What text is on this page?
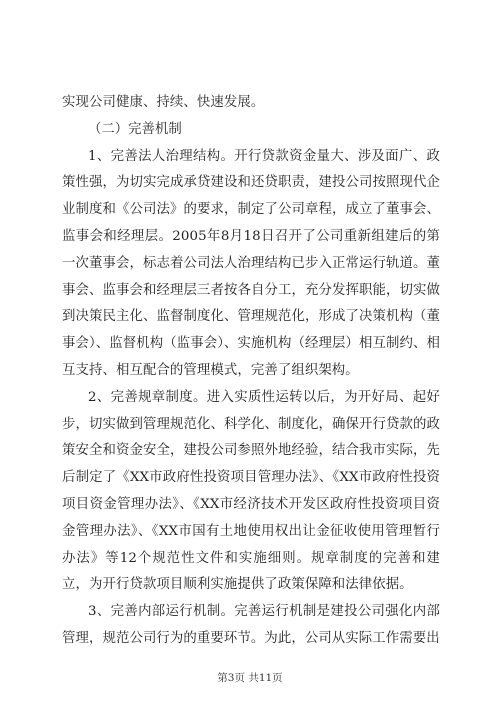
实现公司健康、持续、快速发展。

（二）完善机制

1、完善法人治理结构。开行贷款资金量大、涉及面广、政策性强，为切实完成承贷建设和还贷职责，建投公司按照现代企业制度和《公司法》的要求，制定了公司章程，成立了董事会、监事会和经理层。2005年8月18日召开了公司重新组建后的第一次董事会，标志着公司法人治理结构已步入正常运行轨道。董事会、监事会和经理层三者按各自分工，充分发挥职能，切实做到决策民主化、监督制度化、管理规范化，形成了决策机构（董事会）、监督机构（监事会）、实施机构（经理层）相互制约、相互支持、相互配合的管理模式，完善了组织架构。

2、完善规章制度。进入实质性运转以后，为开好局、起好步，切实做到管理规范化、科学化、制度化，确保开行贷款的政策安全和资金安全，建投公司参照外地经验，结合我市实际，先后制定了《XX市政府性投资项目管理办法》、《XX市政府性投资项目资金管理办法》、《XX市经济技术开发区政府性投资项目资金管理办法》、《XX市国有土地使用权出让金征收使用管理暂行办法》等12个规范性文件和实施细则。规章制度的完善和建立，为开行贷款项目顺利实施提供了政策保障和法律依据。

3、完善内部运行机制。完善运行机制是建投公司强化内部管理，规范公司行为的重要环节。为此，公司从实际工作需要出

第3页 共11页
